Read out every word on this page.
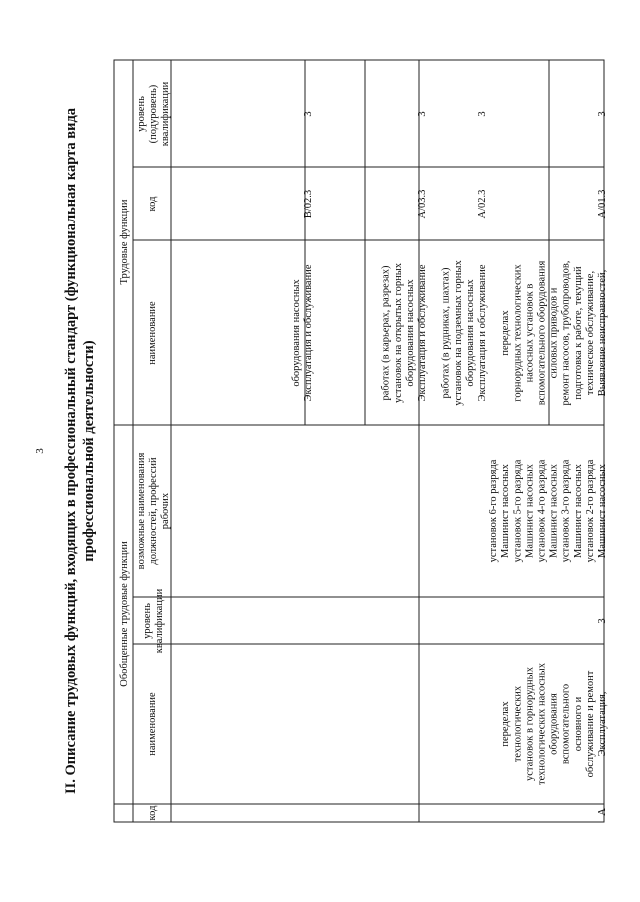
3 II. Описание трудовых функций, входящих в профессиональный стандарт (функциональная карта вида профессиональной деятельности)
Обобщенные трудовые функции
Трудовые функции
код
наименование
уровень квалификации
возможные наименования должностей, профессий рабочих
наименование
код
уровень (подуровень) квалификации
А
Эксплуатация,
обслуживание и ремонт
основного и
вспомогательного
оборудования
технологических насосных
установок в горнорудных
технологических
переделах
3
Машинист насосных
установок 2-го разряда
Машинист насосных
установок 3-го разряда
Машинист насосных
установок 4-го разряда
Машинист насосных
установок 5-го разряда
Машинист насосных
установок 6-го разряда
Выявление неисправностей,
техническое обслуживание,
подготовка к работе, текущий
ремонт насосов, трубопроводов,
силовых приводов и
вспомогательного оборудования
насосных установок в
горнорудных технологических
переделах
А/01.3
3
Эксплуатация и обслуживание
оборудования насосных
установок на подземных горных
работах (в рудниках, шахтах)
А/02.3
3
Эксплуатация и обслуживание
оборудования насосных
установок на открытых горных
работах (в карьерах, разрезах)
А/03.3
3
Эксплуатация и обслуживание
оборудования насосных
В/02.3
3
